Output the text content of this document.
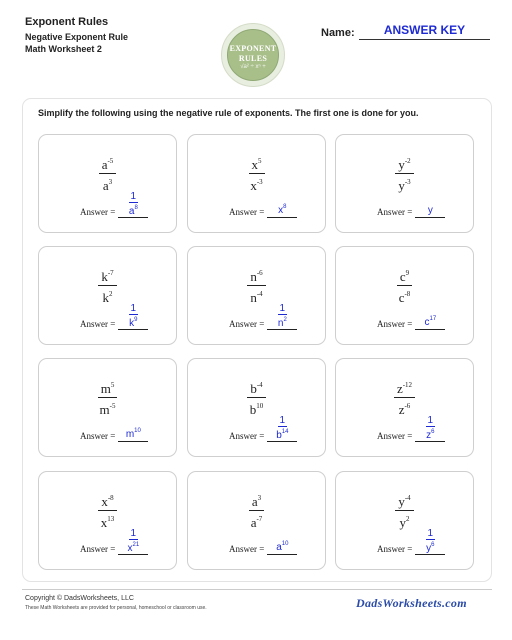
Exponent Rules
Negative Exponent Rule
Math Worksheet 2	EXPONENT
RULES
√a² ÷ xⁿ +
Name:	ANSWER KEY
Simplify the following using the negative rule of exponents. The first one is done for you.
$\frac{a^{-5}}{a^3}$
Answer = $\frac{1}{a^8}$
$\frac{x^5}{x^{-3}}$
Answer =	$x^8$
$\frac{y^{-2}}{y^{-3}}$
Answer =	y
$\frac{k^{-7}}{k^2}$
Answer = $\frac{1}{k^9}$
$\frac{n^{-6}}{n^{-4}}$
Answer = $\frac{1}{n^2}$
$\frac{c^9}{c^{-8}}$
Answer =	$c^{17}$
$\frac{m^5}{m^{-5}}$
Answer =	$m^{10}$
$\frac{b^{-4}}{b^{10}}$
Answer = $\frac{1}{b^{14}}$
$\frac{z^{-12}}{z^{-6}}$
Answer = $\frac{1}{z^6}$
$\frac{x^{-8}}{x^{13}}$
Answer = $\frac{1}{x^{21}}$
$\frac{a^3}{a^{-7}}$
Answer =	$a^{10}$
$\frac{y^{-4}}{y^2}$
Answer = $\frac{1}{y^6}$
Copyright © DadsWorksheets, LLC
These Math Worksheets are provided for personal, homeschool or classroom use.	DadsWorksheets.com
